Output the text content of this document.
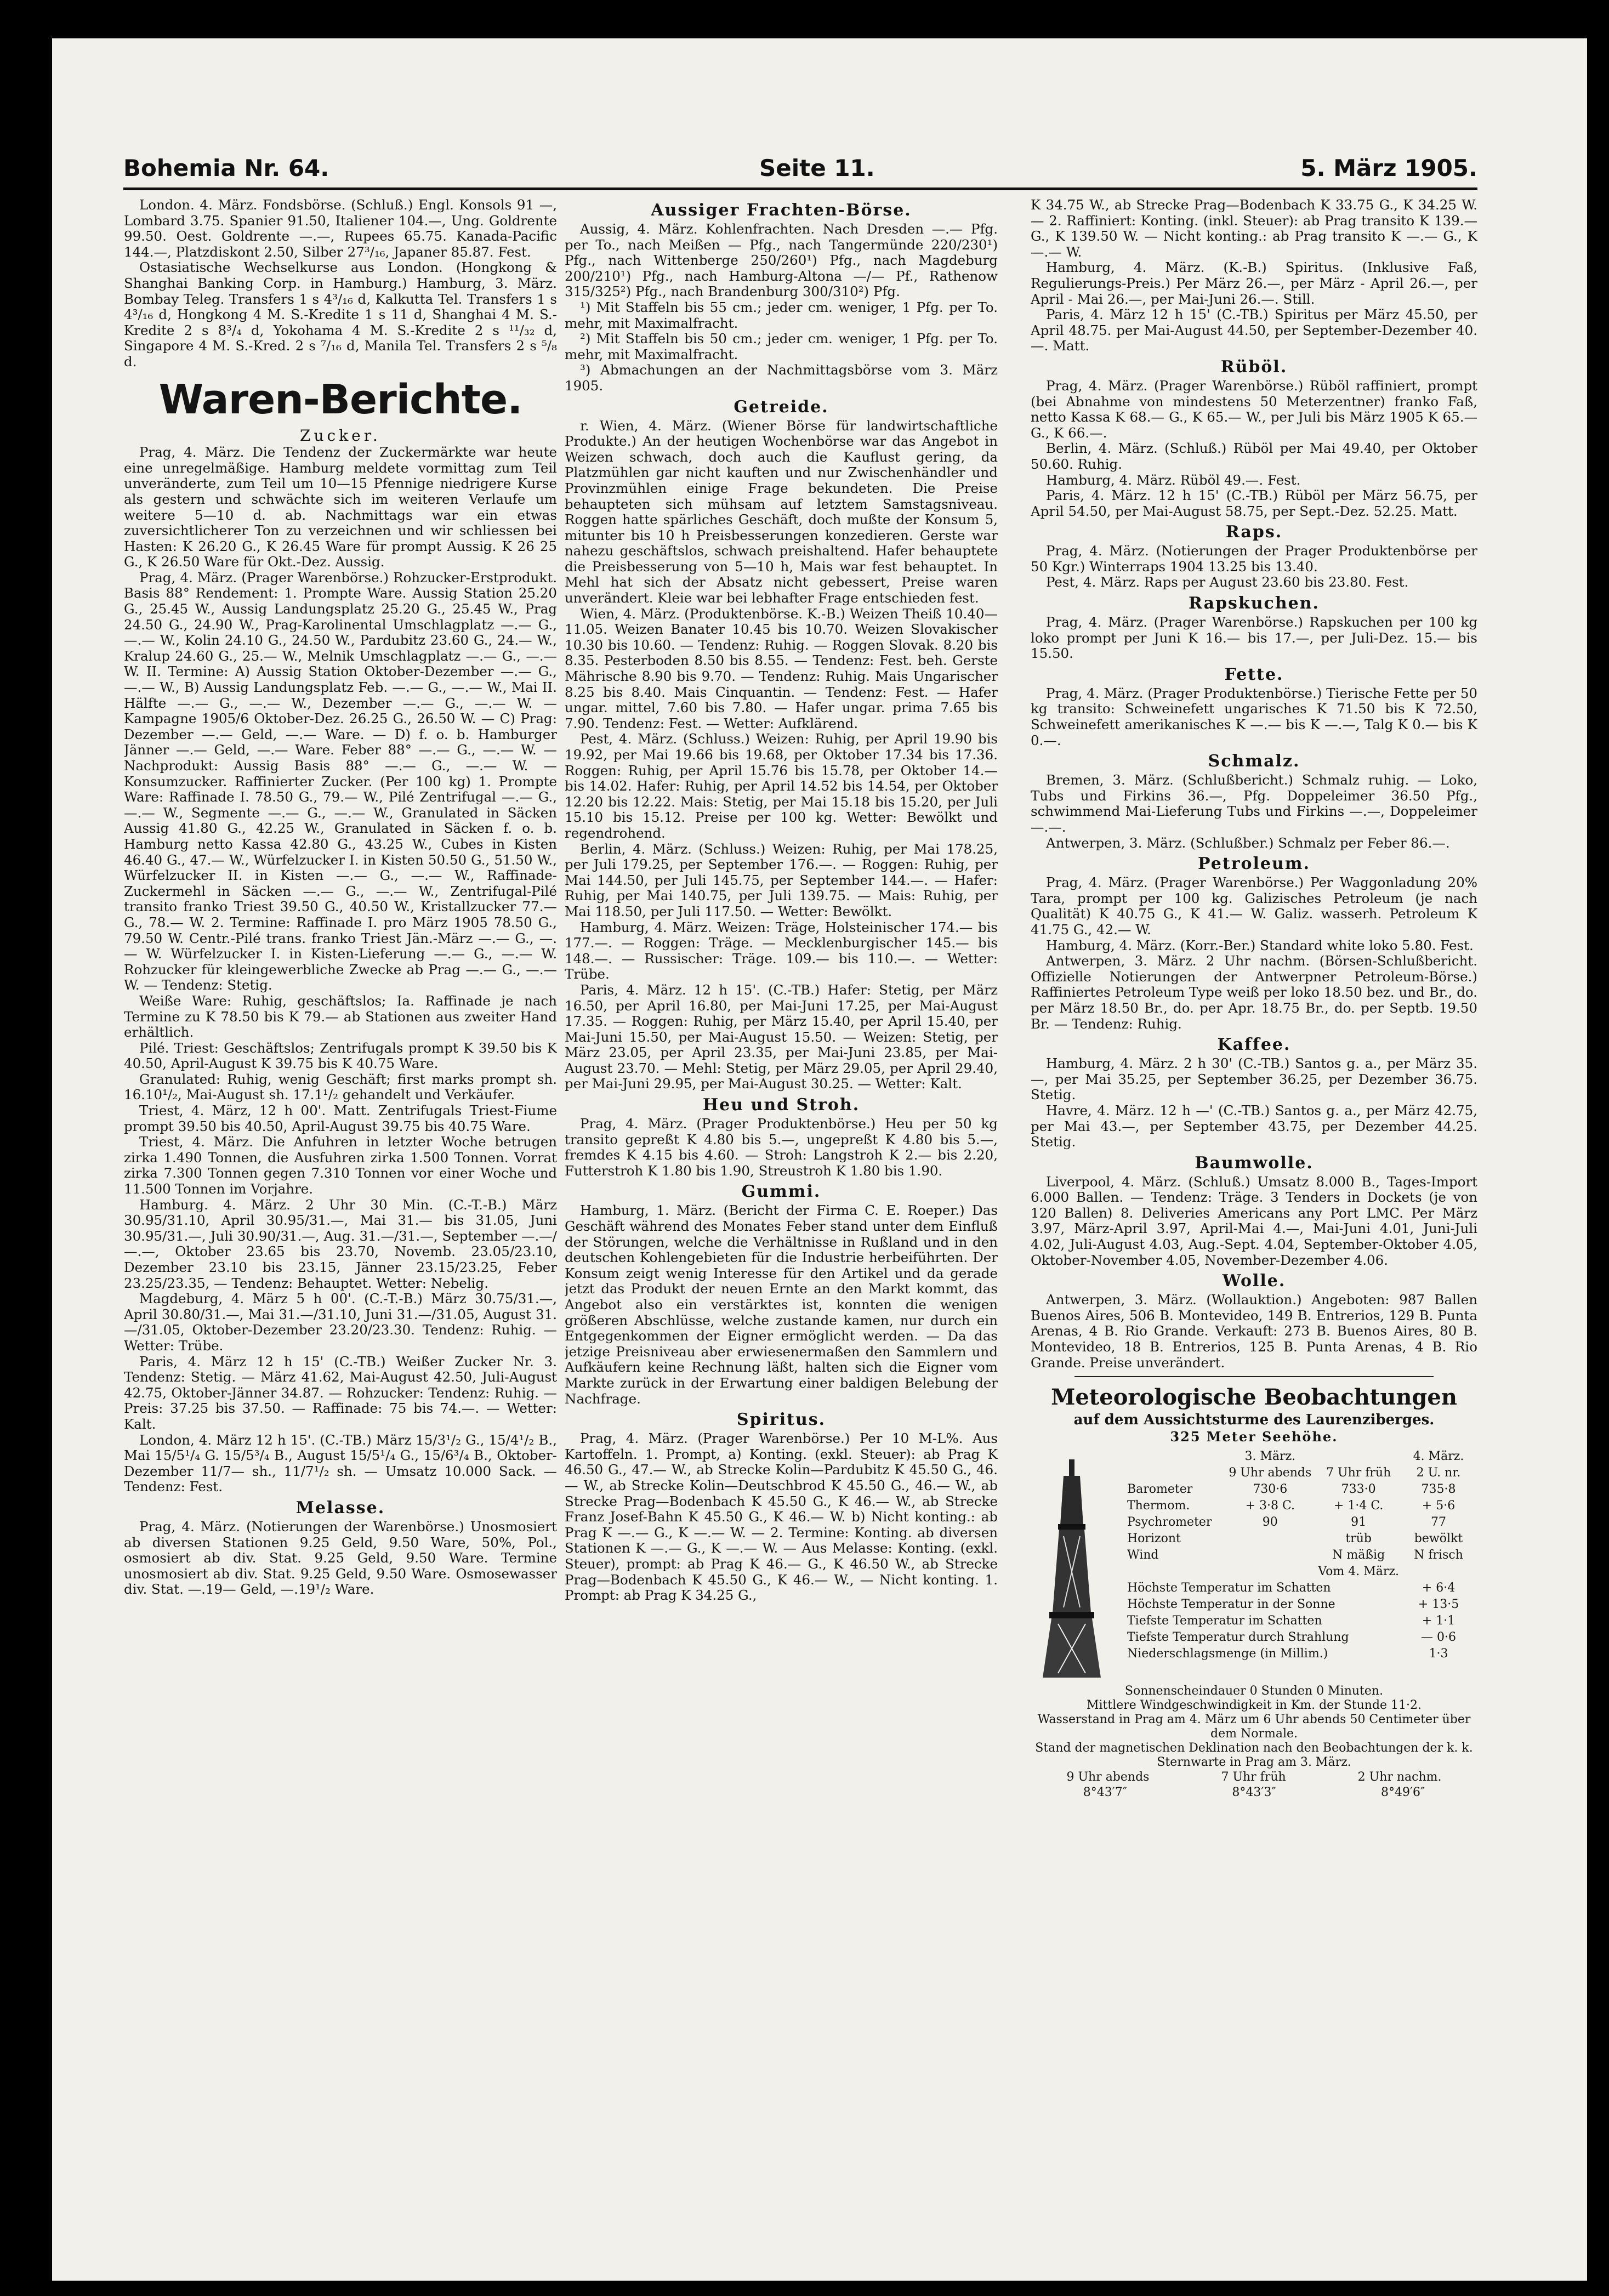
Bohemia Nr. 64.	Seite 11.	5. März 1905.

London. 4. März. Fondsbörse. (Schluß.) Engl. Konsols 91 —, Lombard 3.75. Spanier 91.50, Italiener 104.—, Ung. Goldrente 99.50. Oest. Goldrente —.—, Rupees 65.75. Kanada-Pacific 144.—, Platzdiskont 2.50, Silber 27³/₁₆, Japaner 85.87. Fest.

Ostasiatische Wechselkurse aus London. (Hongkong & Shanghai Banking Corp. in Hamburg.) Hamburg, 3. März. Bombay Teleg. Transfers 1 s 4³/₁₆ d, Kalkutta Tel. Transfers 1 s 4³/₁₆ d, Hongkong 4 M. S.-Kredite 1 s 11 d, Shanghai 4 M. S.-Kredite 2 s 8³/₄ d, Yokohama 4 M. S.-Kredite 2 s ¹¹/₃₂ d, Singapore 4 M. S.-Kred. 2 s ⁷/₁₆ d, Manila Tel. Transfers 2 s ⁵/₈ d.

Waren-Berichte.
Zucker.

Prag, 4. März. Die Tendenz der Zuckermärkte war heute eine unregelmäßige. Hamburg meldete vormittag zum Teil unveränderte, zum Teil um 10—15 Pfennige niedrigere Kurse als gestern und schwächte sich im weiteren Verlaufe um weitere 5—10 d. ab. Nachmittags war ein etwas zuversichtlicherer Ton zu verzeichnen und wir schliessen bei Hasten: K 26.20 G., K 26.45 Ware für prompt Aussig. K 26 25 G., K 26.50 Ware für Okt.-Dez. Aussig.

Prag, 4. März. (Prager Warenbörse.) Rohzucker-Erstprodukt. Basis 88° Rendement: 1. Prompte Ware. Aussig Station 25.20 G., 25.45 W., Aussig Landungsplatz 25.20 G., 25.45 W., Prag 24.50 G., 24.90 W., Prag-Karolinental Umschlagplatz —.— G., —.— W., Kolin 24.10 G., 24.50 W., Pardubitz 23.60 G., 24.— W., Kralup 24.60 G., 25.— W., Melnik Umschlagplatz —.— G., —.— W. II. Termine: A) Aussig Station Oktober-Dezember —.— G., —.— W., B) Aussig Landungsplatz Feb. —.— G., —.— W., Mai II. Hälfte —.— G., —.— W., Dezember —.— G., —.— W. — Kampagne 1905/6 Oktober-Dez. 26.25 G., 26.50 W. — C) Prag: Dezember —.— Geld, —.— Ware. — D) f. o. b. Hamburger Jänner —.— Geld, —.— Ware. Feber 88° —.— G., —.— W. — Nachprodukt: Aussig Basis 88° —.— G., —.— W. — Konsumzucker. Raffinierter Zucker. (Per 100 kg) 1. Prompte Ware: Raffinade I. 78.50 G., 79.— W., Pilé Zentrifugal —.— G., —.— W., Segmente —.— G., —.— W., Granulated in Säcken Aussig 41.80 G., 42.25 W., Granulated in Säcken f. o. b. Hamburg netto Kassa 42.80 G., 43.25 W., Cubes in Kisten 46.40 G., 47.— W., Würfelzucker I. in Kisten 50.50 G., 51.50 W., Würfelzucker II. in Kisten —.— G., —.— W., Raffinade-Zuckermehl in Säcken —.— G., —.— W., Zentrifugal-Pilé transito franko Triest 39.50 G., 40.50 W., Kristallzucker 77.— G., 78.— W. 2. Termine: Raffinade I. pro März 1905 78.50 G., 79.50 W. Centr.-Pilé trans. franko Triest Jän.-März —.— G., —.— W. Würfelzucker I. in Kisten-Lieferung —.— G., —.— W. Rohzucker für kleingewerbliche Zwecke ab Prag —.— G., —.— W. — Tendenz: Stetig.

Weiße Ware: Ruhig, geschäftslos; Ia. Raffinade je nach Termine zu K 78.50 bis K 79.— ab Stationen aus zweiter Hand erhältlich.

Pilé. Triest: Geschäftslos; Zentrifugals prompt K 39.50 bis K 40.50, April-August K 39.75 bis K 40.75 Ware.

Granulated: Ruhig, wenig Geschäft; first marks prompt sh. 16.10¹/₂, Mai-August sh. 17.1¹/₂ gehandelt und Verkäufer.

Triest, 4. März, 12 h 00'. Matt. Zentrifugals Triest-Fiume prompt 39.50 bis 40.50, April-August 39.75 bis 40.75 Ware.

Triest, 4. März. Die Anfuhren in letzter Woche betrugen zirka 1.490 Tonnen, die Ausfuhren zirka 1.500 Tonnen. Vorrat zirka 7.300 Tonnen gegen 7.310 Tonnen vor einer Woche und 11.500 Tonnen im Vorjahre.

Hamburg. 4. März. 2 Uhr 30 Min. (C.-T.-B.) März 30.95/31.10, April 30.95/31.—, Mai 31.— bis 31.05, Juni 30.95/31.—, Juli 30.90/31.—, Aug. 31.—/31.—, September —.—/—.—, Oktober 23.65 bis 23.70, Novemb. 23.05/23.10, Dezember 23.10 bis 23.15, Jänner 23.15/23.25, Feber 23.25/23.35, — Tendenz: Behauptet. Wetter: Nebelig.

Magdeburg, 4. März 5 h 00'. (C.-T.-B.) März 30.75/31.—, April 30.80/31.—, Mai 31.—/31.10, Juni 31.—/31.05, August 31.—/31.05, Oktober-Dezember 23.20/23.30. Tendenz: Ruhig. — Wetter: Trübe.

Paris, 4. März 12 h 15' (C.-TB.) Weißer Zucker Nr. 3. Tendenz: Stetig. — März 41.62, Mai-August 42.50, Juli-August 42.75, Oktober-Jänner 34.87. — Rohzucker: Tendenz: Ruhig. — Preis: 37.25 bis 37.50. — Raffinade: 75 bis 74.—. — Wetter: Kalt.

London, 4. März 12 h 15'. (C.-TB.) März 15/3¹/₂ G., 15/4¹/₂ B., Mai 15/5¹/₄ G. 15/5³/₄ B., August 15/5¹/₄ G., 15/6³/₄ B., Oktober-Dezember 11/7— sh., 11/7¹/₂ sh. — Umsatz 10.000 Sack. — Tendenz: Fest.

Melasse.

Prag, 4. März. (Notierungen der Warenbörse.) Unosmosiert ab diversen Stationen 9.25 Geld, 9.50 Ware, 50%, Pol., osmosiert ab div. Stat. 9.25 Geld, 9.50 Ware. Termine unosmosiert ab div. Stat. 9.25 Geld, 9.50 Ware. Osmosewasser div. Stat. —.19— Geld, —.19¹/₂ Ware.

Aussiger Frachten-Börse.

Aussig, 4. März. Kohlenfrachten. Nach Dresden —.— Pfg. per To., nach Meißen — Pfg., nach Tangermünde 220/230¹) Pfg., nach Wittenberge 250/260¹) Pfg., nach Magdeburg 200/210¹) Pfg., nach Hamburg-Altona —/— Pf., Rathenow 315/325²) Pfg., nach Brandenburg 300/310²) Pfg.

¹) Mit Staffeln bis 55 cm.; jeder cm. weniger, 1 Pfg. per To. mehr, mit Maximalfracht.

²) Mit Staffeln bis 50 cm.; jeder cm. weniger, 1 Pfg. per To. mehr, mit Maximalfracht.

³) Abmachungen an der Nachmittagsbörse vom 3. März 1905.

Getreide.

r. Wien, 4. März. (Wiener Börse für landwirtschaftliche Produkte.) An der heutigen Wochenbörse war das Angebot in Weizen schwach, doch auch die Kauflust gering, da Platzmühlen gar nicht kauften und nur Zwischenhändler und Provinzmühlen einige Frage bekundeten. Die Preise behaupteten sich mühsam auf letztem Samstagsniveau. Roggen hatte spärliches Geschäft, doch mußte der Konsum 5, mitunter bis 10 h Preisbesserungen konzedieren. Gerste war nahezu geschäftslos, schwach preishaltend. Hafer behauptete die Preisbesserung von 5—10 h, Mais war fest behauptet. In Mehl hat sich der Absatz nicht gebessert, Preise waren unverändert. Kleie war bei lebhafter Frage entschieden fest.

Wien, 4. März. (Produktenbörse. K.-B.) Weizen Theiß 10.40—11.05. Weizen Banater 10.45 bis 10.70. Weizen Slovakischer 10.30 bis 10.60. — Tendenz: Ruhig. — Roggen Slovak. 8.20 bis 8.35. Pesterboden 8.50 bis 8.55. — Tendenz: Fest. beh. Gerste Mährische 8.90 bis 9.70. — Tendenz: Ruhig. Mais Ungarischer 8.25 bis 8.40. Mais Cinquantin. — Tendenz: Fest. — Hafer ungar. mittel, 7.60 bis 7.80. — Hafer ungar. prima 7.65 bis 7.90. Tendenz: Fest. — Wetter: Aufklärend.

Pest, 4. März. (Schluss.) Weizen: Ruhig, per April 19.90 bis 19.92, per Mai 19.66 bis 19.68, per Oktober 17.34 bis 17.36. Roggen: Ruhig, per April 15.76 bis 15.78, per Oktober 14.— bis 14.02. Hafer: Ruhig, per April 14.52 bis 14.54, per Oktober 12.20 bis 12.22. Mais: Stetig, per Mai 15.18 bis 15.20, per Juli 15.10 bis 15.12. Preise per 100 kg. Wetter: Bewölkt und regendrohend.

Berlin, 4. März. (Schluss.) Weizen: Ruhig, per Mai 178.25, per Juli 179.25, per September 176.—. — Roggen: Ruhig, per Mai 144.50, per Juli 145.75, per September 144.—. — Hafer: Ruhig, per Mai 140.75, per Juli 139.75. — Mais: Ruhig, per Mai 118.50, per Juli 117.50. — Wetter: Bewölkt.

Hamburg, 4. März. Weizen: Träge, Holsteinischer 174.— bis 177.—. — Roggen: Träge. — Mecklenburgischer 145.— bis 148.—. — Russischer: Träge. 109.— bis 110.—. — Wetter: Trübe.

Paris, 4. März. 12 h 15'. (C.-TB.) Hafer: Stetig, per März 16.50, per April 16.80, per Mai-Juni 17.25, per Mai-August 17.35. — Roggen: Ruhig, per März 15.40, per April 15.40, per Mai-Juni 15.50, per Mai-August 15.50. — Weizen: Stetig, per März 23.05, per April 23.35, per Mai-Juni 23.85, per Mai-August 23.70. — Mehl: Stetig, per März 29.05, per April 29.40, per Mai-Juni 29.95, per Mai-August 30.25. — Wetter: Kalt.

Heu und Stroh.

Prag, 4. März. (Prager Produktenbörse.) Heu per 50 kg transito gepreßt K 4.80 bis 5.—, ungepreßt K 4.80 bis 5.—, fremdes K 4.15 bis 4.60. — Stroh: Langstroh K 2.— bis 2.20, Futterstroh K 1.80 bis 1.90, Streustroh K 1.80 bis 1.90.

Gummi.

Hamburg, 1. März. (Bericht der Firma C. E. Roeper.) Das Geschäft während des Monates Feber stand unter dem Einfluß der Störungen, welche die Verhältnisse in Rußland und in den deutschen Kohlengebieten für die Industrie herbeiführten. Der Konsum zeigt wenig Interesse für den Artikel und da gerade jetzt das Produkt der neuen Ernte an den Markt kommt, das Angebot also ein verstärktes ist, konnten die wenigen größeren Abschlüsse, welche zustande kamen, nur durch ein Entgegenkommen der Eigner ermöglicht werden. — Da das jetzige Preisniveau aber erwiesenermaßen den Sammlern und Aufkäufern keine Rechnung läßt, halten sich die Eigner vom Markte zurück in der Erwartung einer baldigen Belebung der Nachfrage.

Spiritus.

Prag, 4. März. (Prager Warenbörse.) Per 10 M-L%. Aus Kartoffeln. 1. Prompt, a) Konting. (exkl. Steuer): ab Prag K 46.50 G., 47.— W., ab Strecke Kolin—Pardubitz K 45.50 G., 46.— W., ab Strecke Kolin—Deutschbrod K 45.50 G., 46.— W., ab Strecke Prag—Bodenbach K 45.50 G., K 46.— W., ab Strecke Franz Josef-Bahn K 45.50 G., K 46.— W. b) Nicht konting.: ab Prag K —.— G., K —.— W. — 2. Termine: Konting. ab diversen Stationen K —.— G., K —.— W. — Aus Melasse: Konting. (exkl. Steuer), prompt: ab Prag K 46.— G., K 46.50 W., ab Strecke Prag—Bodenbach K 45.50 G., K 46.— W., — Nicht konting. 1. Prompt: ab Prag K 34.25 G.,

K 34.75 W., ab Strecke Prag—Bodenbach K 33.75 G., K 34.25 W. — 2. Raffiniert: Konting. (inkl. Steuer): ab Prag transito K 139.— G., K 139.50 W. — Nicht konting.: ab Prag transito K —.— G., K —.— W.

Hamburg, 4. März. (K.-B.) Spiritus. (Inklusive Faß, Regulierungs-Preis.) Per März 26.—, per März - April 26.—, per April - Mai 26.—, per Mai-Juni 26.—. Still.

Paris, 4. März 12 h 15' (C.-TB.) Spiritus per März 45.50, per April 48.75. per Mai-August 44.50, per September-Dezember 40.—. Matt.

Rüböl.

Prag, 4. März. (Prager Warenbörse.) Rüböl raffiniert, prompt (bei Abnahme von mindestens 50 Meterzentner) franko Faß, netto Kassa K 68.— G., K 65.— W., per Juli bis März 1905 K 65.— G., K 66.—.

Berlin, 4. März. (Schluß.) Rüböl per Mai 49.40, per Oktober 50.60. Ruhig.

Hamburg, 4. März. Rüböl 49.—. Fest.

Paris, 4. März. 12 h 15' (C.-TB.) Rüböl per März 56.75, per April 54.50, per Mai-August 58.75, per Sept.-Dez. 52.25. Matt.

Raps.

Prag, 4. März. (Notierungen der Prager Produktenbörse per 50 Kgr.) Winterraps 1904 13.25 bis 13.40.

Pest, 4. März. Raps per August 23.60 bis 23.80. Fest.

Rapskuchen.

Prag, 4. März. (Prager Warenbörse.) Rapskuchen per 100 kg loko prompt per Juni K 16.— bis 17.—, per Juli-Dez. 15.— bis 15.50.

Fette.

Prag, 4. März. (Prager Produktenbörse.) Tierische Fette per 50 kg transito: Schweinefett ungarisches K 71.50 bis K 72.50, Schweinefett amerikanisches K —.— bis K —.—, Talg K 0.— bis K 0.—.

Schmalz.

Bremen, 3. März. (Schlußbericht.) Schmalz ruhig. — Loko, Tubs und Firkins 36.—, Pfg. Doppeleimer 36.50 Pfg., schwimmend Mai-Lieferung Tubs und Firkins —.—, Doppeleimer —.—.

Antwerpen, 3. März. (Schlußber.) Schmalz per Feber 86.—.

Petroleum.

Prag, 4. März. (Prager Warenbörse.) Per Waggonladung 20% Tara, prompt per 100 kg. Galizisches Petroleum (je nach Qualität) K 40.75 G., K 41.— W. Galiz. wasserh. Petroleum K 41.75 G., 42.— W.

Hamburg, 4. März. (Korr.-Ber.) Standard white loko 5.80. Fest.

Antwerpen, 3. März. 2 Uhr nachm. (Börsen-Schlußbericht. Offizielle Notierungen der Antwerpner Petroleum-Börse.) Raffiniertes Petroleum Type weiß per loko 18.50 bez. und Br., do. per März 18.50 Br., do. per Apr. 18.75 Br., do. per Septb. 19.50 Br. — Tendenz: Ruhig.

Kaffee.

Hamburg, 4. März. 2 h 30' (C.-TB.) Santos g. a., per März 35.—, per Mai 35.25, per September 36.25, per Dezember 36.75. Stetig.

Havre, 4. März. 12 h —' (C.-TB.) Santos g. a., per März 42.75, per Mai 43.—, per September 43.75, per Dezember 44.25. Stetig.

Baumwolle.

Liverpool, 4. März. (Schluß.) Umsatz 8.000 B., Tages-Import 6.000 Ballen. — Tendenz: Träge. 3 Tenders in Dockets (je von 120 Ballen) 8. Deliveries Americans any Port LMC. Per März 3.97, März-April 3.97, April-Mai 4.—, Mai-Juni 4.01, Juni-Juli 4.02, Juli-August 4.03, Aug.-Sept. 4.04, September-Oktober 4.05, Oktober-November 4.05, November-Dezember 4.06.

Wolle.

Antwerpen, 3. März. (Wollauktion.) Angeboten: 987 Ballen Buenos Aires, 506 B. Montevideo, 149 B. Entrerios, 129 B. Punta Arenas, 4 B. Rio Grande. Verkauft: 273 B. Buenos Aires, 80 B. Montevideo, 18 B. Entrerios, 125 B. Punta Arenas, 4 B. Rio Grande. Preise unverändert.

Meteorologische Beobachtungen
auf dem Aussichtsturme des Laurenziberges.
325 Meter Seehöhe.
	3. März.		4. März.
	9 Uhr abends	7 Uhr früh	2 U. nr.
Barometer	730·6	733·0	735·8
Thermom.	+ 3·8 C.	+ 1·4 C.	+ 5·6
Psychrometer	90	91	77
Horizont		trüb	bewölkt
Wind		N mäßig	N frisch
		Vom 4. März.	
Höchste Temperatur im Schatten			+ 6·4
Höchste Temperatur in der Sonne			+ 13·5
Tiefste Temperatur im Schatten			+ 1·1
Tiefste Temperatur durch Strahlung			— 0·6
Niederschlagsmenge (in Millim.)			1·3
Sonnenscheindauer 0 Stunden 0 Minuten.
Mittlere Windgeschwindigkeit in Km. der Stunde 11·2.
Wasserstand in Prag am 4. März um 6 Uhr abends 50 Centimeter über dem Normale.
Stand der magnetischen Deklination nach den Beobachtungen der k. k. Sternwarte in Prag am 3. März.
9 Uhr abends	7 Uhr früh	2 Uhr nachm.
8°43′7″	8°43′3″	8°49′6″
